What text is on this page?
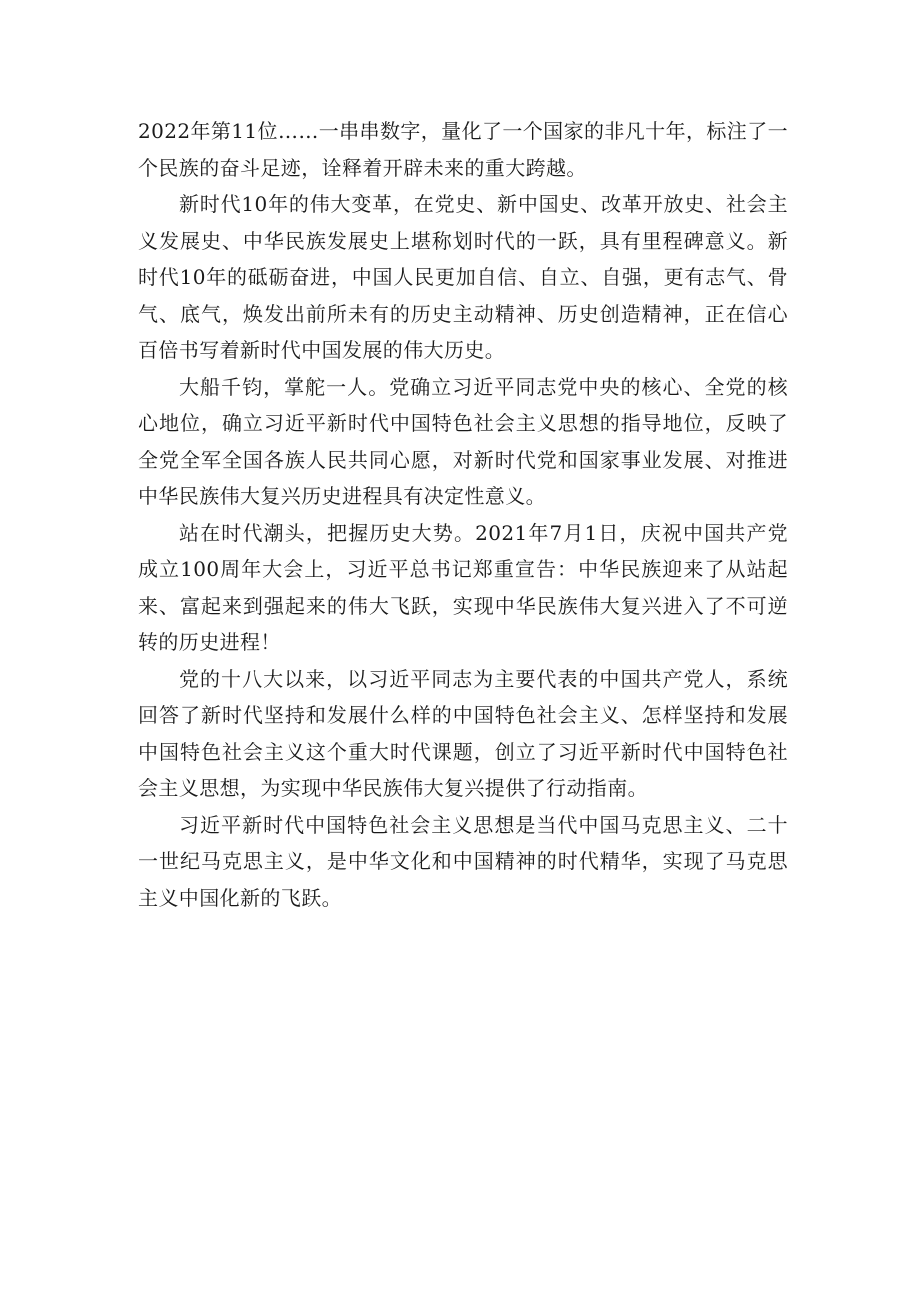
2022年第11位……一串串数字，量化了一个国家的非凡十年，标注了一个民族的奋斗足迹，诠释着开辟未来的重大跨越。

新时代10年的伟大变革，在党史、新中国史、改革开放史、社会主义发展史、中华民族发展史上堪称划时代的一跃，具有里程碑意义。新时代10年的砥砺奋进，中国人民更加自信、自立、自强，更有志气、骨气、底气，焕发出前所未有的历史主动精神、历史创造精神，正在信心百倍书写着新时代中国发展的伟大历史。

大船千钧，掌舵一人。党确立习近平同志党中央的核心、全党的核心地位，确立习近平新时代中国特色社会主义思想的指导地位，反映了全党全军全国各族人民共同心愿，对新时代党和国家事业发展、对推进中华民族伟大复兴历史进程具有决定性意义。

站在时代潮头，把握历史大势。2021年7月1日，庆祝中国共产党成立100周年大会上，习近平总书记郑重宣告：中华民族迎来了从站起来、富起来到强起来的伟大飞跃，实现中华民族伟大复兴进入了不可逆转的历史进程！

党的十八大以来，以习近平同志为主要代表的中国共产党人，系统回答了新时代坚持和发展什么样的中国特色社会主义、怎样坚持和发展中国特色社会主义这个重大时代课题，创立了习近平新时代中国特色社会主义思想，为实现中华民族伟大复兴提供了行动指南。

习近平新时代中国特色社会主义思想是当代中国马克思主义、二十一世纪马克思主义，是中华文化和中国精神的时代精华，实现了马克思主义中国化新的飞跃。
